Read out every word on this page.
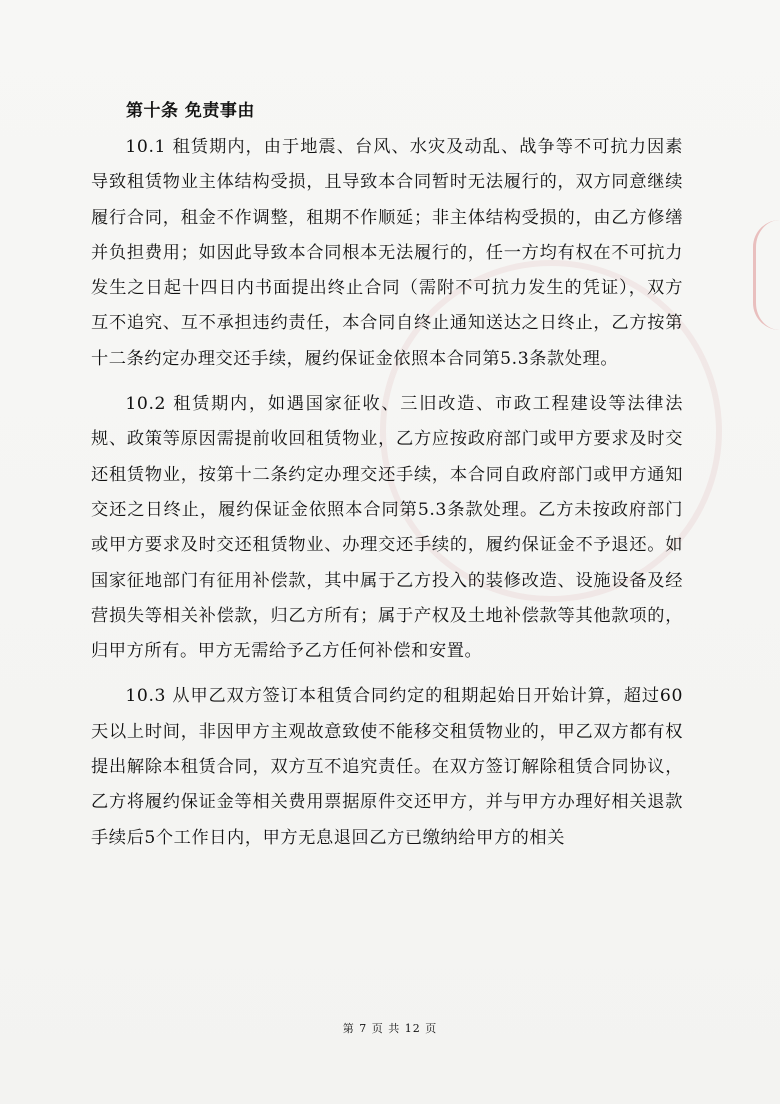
第十条 免责事由

10.1 租赁期内，由于地震、台风、水灾及动乱、战争等不可抗力因素导致租赁物业主体结构受损，且导致本合同暂时无法履行的，双方同意继续履行合同，租金不作调整，租期不作顺延；非主体结构受损的，由乙方修缮并负担费用；如因此导致本合同根本无法履行的，任一方均有权在不可抗力发生之日起十四日内书面提出终止合同（需附不可抗力发生的凭证），双方互不追究、互不承担违约责任，本合同自终止通知送达之日终止，乙方按第十二条约定办理交还手续，履约保证金依照本合同第5.3条款处理。

10.2 租赁期内，如遇国家征收、三旧改造、市政工程建设等法律法规、政策等原因需提前收回租赁物业，乙方应按政府部门或甲方要求及时交还租赁物业，按第十二条约定办理交还手续，本合同自政府部门或甲方通知交还之日终止，履约保证金依照本合同第5.3条款处理。乙方未按政府部门或甲方要求及时交还租赁物业、办理交还手续的，履约保证金不予退还。如国家征地部门有征用补偿款，其中属于乙方投入的装修改造、设施设备及经营损失等相关补偿款，归乙方所有；属于产权及土地补偿款等其他款项的，归甲方所有。甲方无需给予乙方任何补偿和安置。

10.3 从甲乙双方签订本租赁合同约定的租期起始日开始计算，超过60天以上时间，非因甲方主观故意致使不能移交租赁物业的，甲乙双方都有权提出解除本租赁合同，双方互不追究责任。在双方签订解除租赁合同协议，乙方将履约保证金等相关费用票据原件交还甲方，并与甲方办理好相关退款手续后5个工作日内，甲方无息退回乙方已缴纳给甲方的相关

第 7 页 共 12 页
